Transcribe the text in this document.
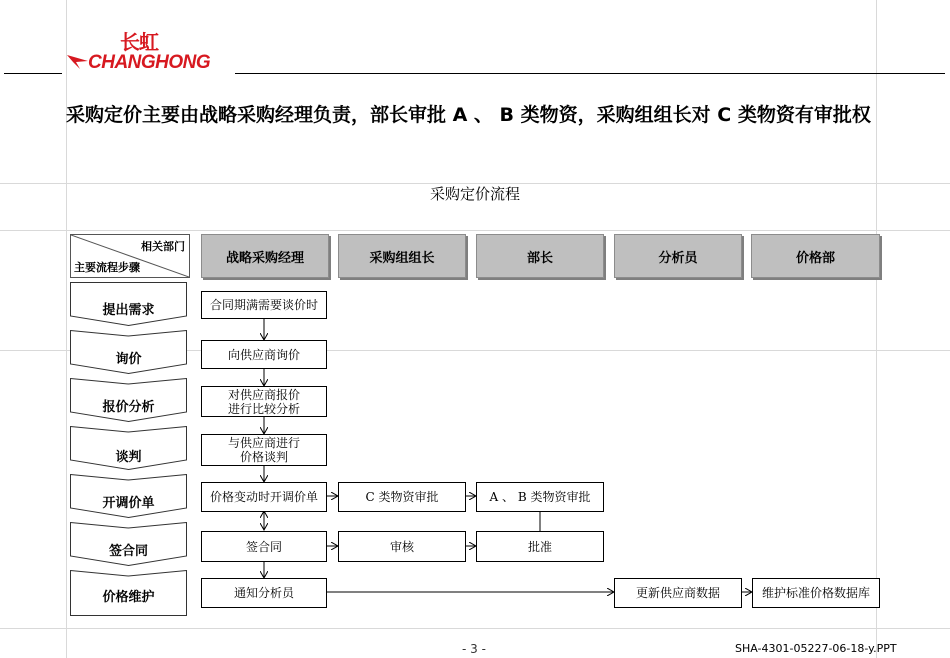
长虹
CHANGHONG
采购定价主要由战略采购经理负责，部长审批 A 、 B 类物资，采购组组长对 C 类物资有审批权
采购定价流程
相关部门
主要流程步骤
战略采购经理	采购组组长	部长	分析员	价格部
提出需求
询价
报价分析
谈判
开调价单
签合同
价格维护
合同期满需要谈价时
向供应商询价
对供应商报价
进行比较分析
与供应商进行
价格谈判
价格变动时开调价单	C 类物资审批	A 、 B 类物资审批
签合同	审核	批准
通知分析员	更新供应商数据	维护标准价格数据库
- 3 -	SHA-4301-05227-06-18-y.PPT
